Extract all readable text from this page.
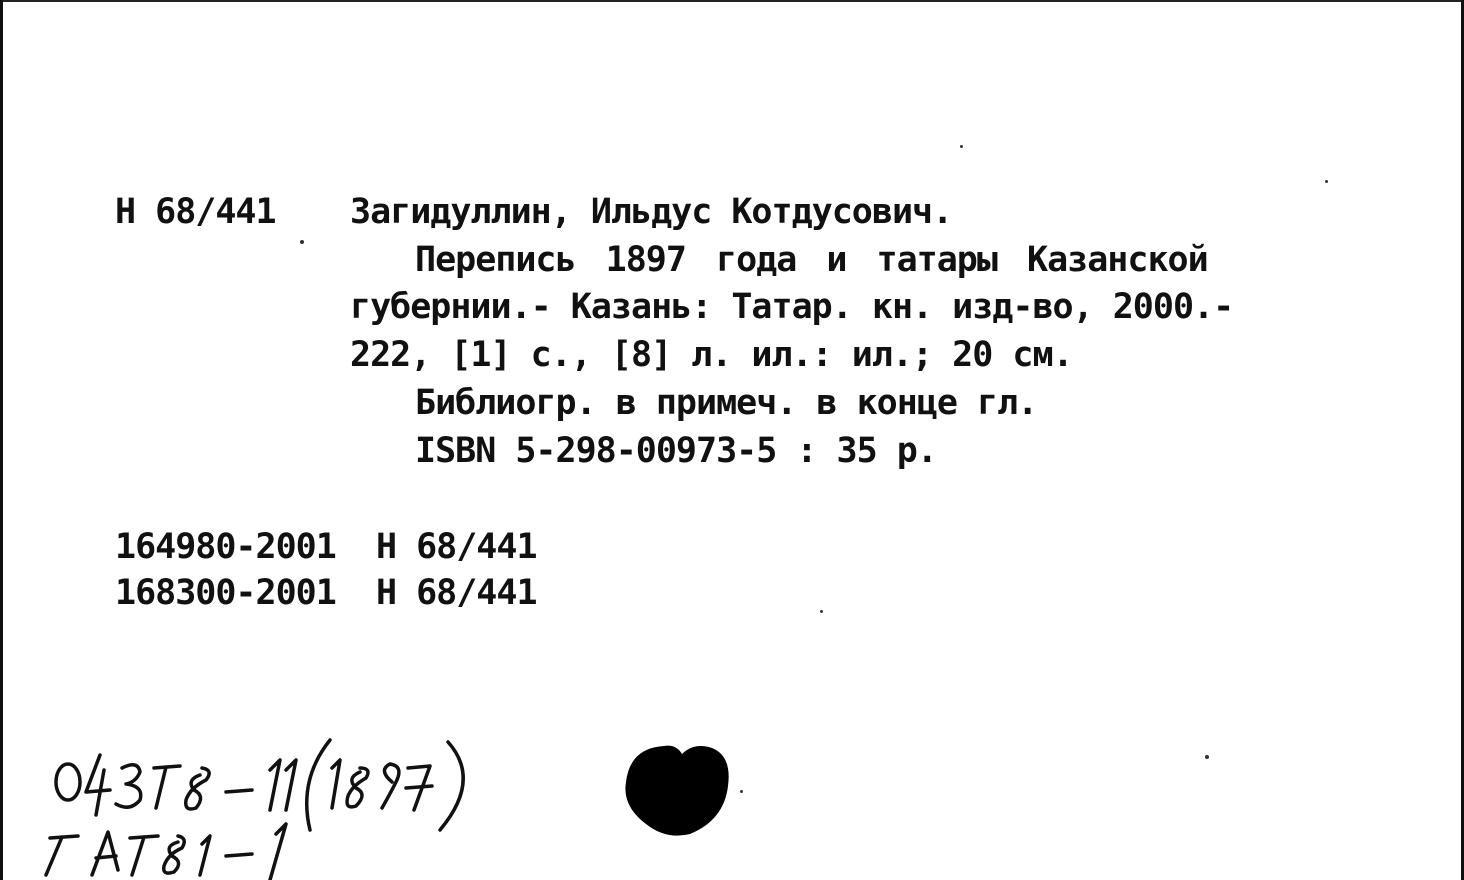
Н 68/441 Загидуллин, Ильдус Котдусович.
Перепись 1897 года и татары Казанской
губернии.- Казань: Татар. кн. изд-во, 2000.-
222, [1] с., [8] л. ил.: ил.; 20 см.
Библиогр. в примеч. в конце гл.
ISBN 5-298-00973-5 : 35 р.
164980-2001 Н 68/441
168300-2001 Н 68/441
